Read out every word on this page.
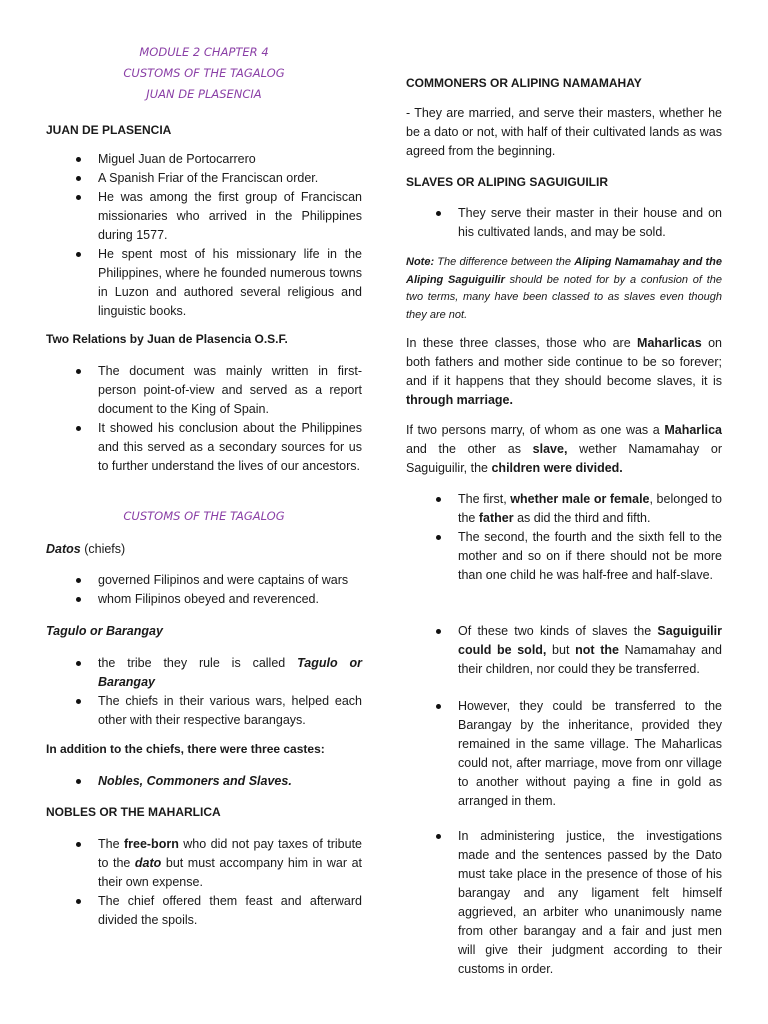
MODULE 2 CHAPTER 4
CUSTOMS OF THE TAGALOG
JUAN DE PLASENCIA
JUAN DE PLASENCIA
Miguel Juan de Portocarrero
A Spanish Friar of the Franciscan order.
He was among the first group of Franciscan missionaries who arrived in the Philippines during 1577.
He spent most of his missionary life in the Philippines, where he founded numerous towns in Luzon and authored several religious and linguistic books.
Two Relations by Juan de Plasencia O.S.F.
The document was mainly written in first-person point-of-view and served as a report document to the King of Spain.
It showed his conclusion about the Philippines and this served as a secondary sources for us to further understand the lives of our ancestors.
CUSTOMS OF THE TAGALOG
Datos (chiefs)
governed Filipinos and were captains of wars
whom Filipinos obeyed and reverenced.
Tagulo or Barangay
the tribe they rule is called Tagulo or Barangay
The chiefs in their various wars, helped each other with their respective barangays.
In addition to the chiefs, there were three castes:
Nobles, Commoners and Slaves.
NOBLES OR THE MAHARLICA
The free-born who did not pay taxes of tribute to the dato but must accompany him in war at their own expense.
The chief offered them feast and afterward divided the spoils.
COMMONERS OR ALIPING NAMAMAHAY

- They are married, and serve their masters, whether he be a dato or not, with half of their cultivated lands as was agreed from the beginning.

SLAVES OR ALIPING SAGUIGUILIR
They serve their master in their house and on his cultivated lands, and may be sold.
Note: The difference between the Aliping Namamahay and the Aliping Saguiguilir should be noted for by a confusion of the two terms, many have been classed to as slaves even though they are not.

In these three classes, those who are Maharlicas on both fathers and mother side continue to be so forever; and if it happens that they should become slaves, it is through marriage.

If two persons marry, of whom as one was a Maharlica and the other as slave, wether Namamahay or Saguiguilir, the children were divided.

The first, whether male or female, belonged to the father as did the third and fifth.
The second, the fourth and the sixth fell to the mother and so on if there should not be more than one child he was half-free and half-slave.
Of these two kinds of slaves the Saguiguilir could be sold, but not the Namamahay and their children, nor could they be transferred.
However, they could be transferred to the Barangay by the inheritance, provided they remained in the same village. The Maharlicas could not, after marriage, move from onr village to another without paying a fine in gold as arranged in them.
In administering justice, the investigations made and the sentences passed by the Dato must take place in the presence of those of his barangay and any ligament felt himself aggrieved, an arbiter who unanimously name from other barangay and a fair and just men will give their judgment according to their customs in order.
